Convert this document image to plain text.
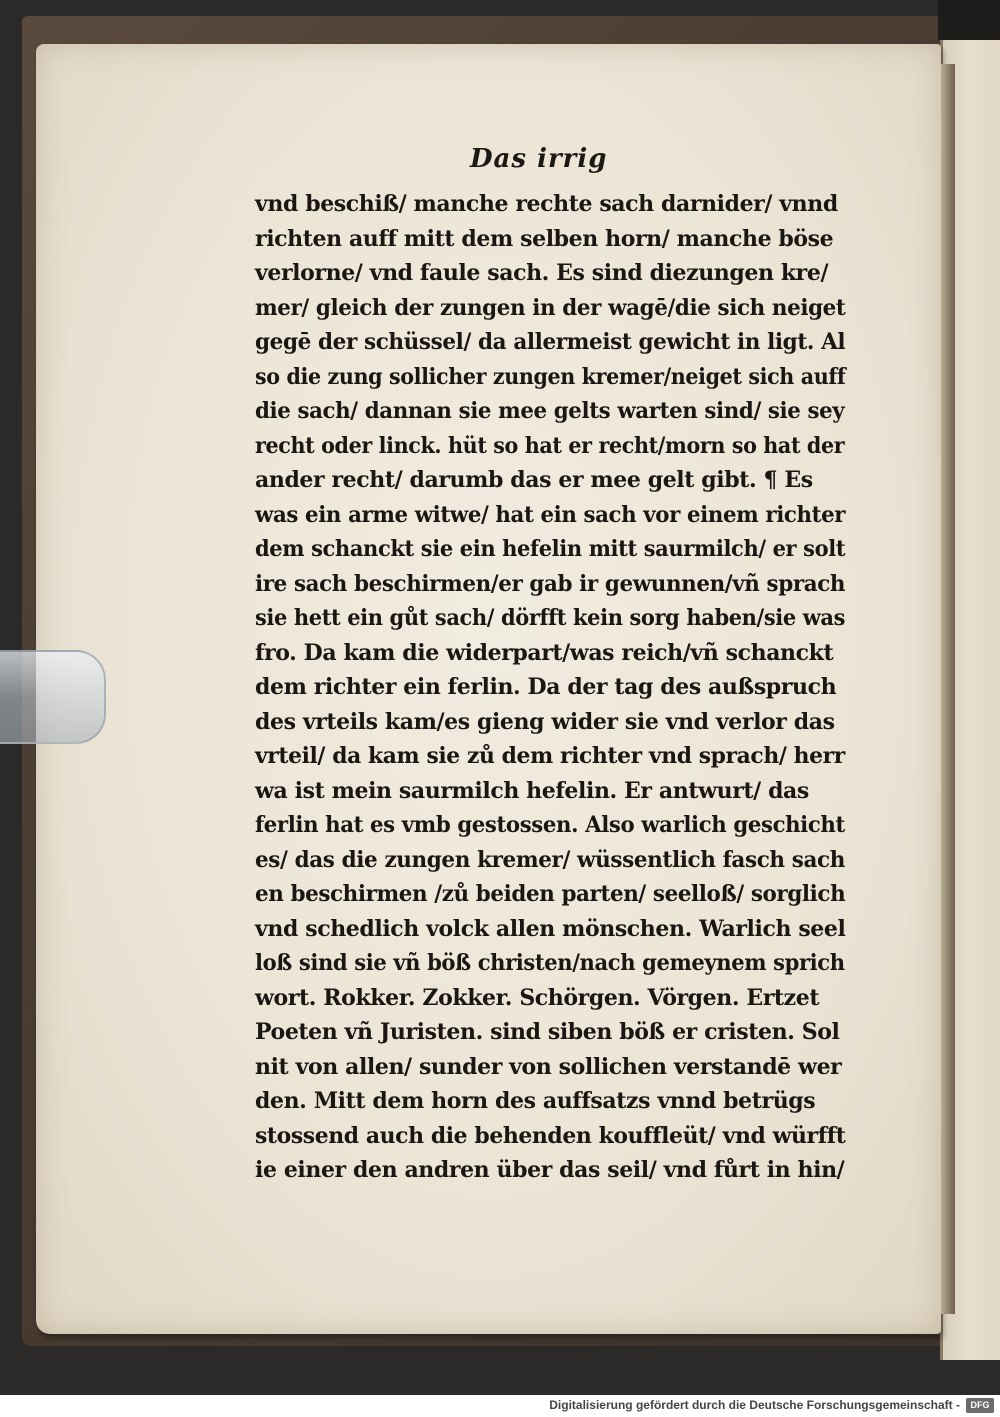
Das irrig
vnd beschiß/ manche rechte sach darnider/ vnnd
richten auff mitt dem selben horn/ manche böse
verlorne/ vnd faule sach. Es sind diezungen kre/
mer/ gleich der zungen in der wagē/die sich neigetgegē der schüssel/ da allermeist gewicht in ligt. Also die zung sollicher zungen kremer/neiget sich auffdie sach/ dannan sie mee gelts warten sind/ sie seyrecht oder linck. hüt so hat er recht/morn so hat der
ander recht/ darumb das er mee gelt gibt. ¶ Es
was ein arme witwe/ hat ein sach vor einem richterdem schanckt sie ein hefelin mitt saurmilch/ er soltire sach beschirmen/er gab ir gewunnen/vñ sprachsie hett ein gůt sach/ dörfft kein sorg haben/sie was
fro. Da kam die widerpart/was reich/vñ schanckt
dem richter ein ferlin. Da der tag des außspruch
des vrteils kam/es gieng wider sie vnd verlor das
vrteil/ da kam sie zů dem richter vnd sprach/ herr
wa ist mein saurmilch hefelin. Er antwurt/ das
ferlin hat es vmb gestossen. Also warlich geschichtes/ das die zungen kremer/ wüssentlich fasch sachen beschirmen /zů beiden parten/ seelloß/ sorglich
vnd schedlich volck allen mönschen. Warlich seel
loß sind sie vñ böß christen/nach gemeynem sprich
wort. Rokker. Zokker. Schörgen. Vörgen. Ertzet
Poeten vñ Juristen. sind siben böß er cristen. Sol
nit von allen/ sunder von sollichen verstandē wer
den. Mitt dem horn des auffsatzs vnnd betrügs
stossend auch die behenden kouffleüt/ vnd würfft
ie einer den andren über das seil/ vnd fůrt in hin/
Digitalisierung gefördert durch die Deutsche Forschungsgemeinschaft -	DFG
